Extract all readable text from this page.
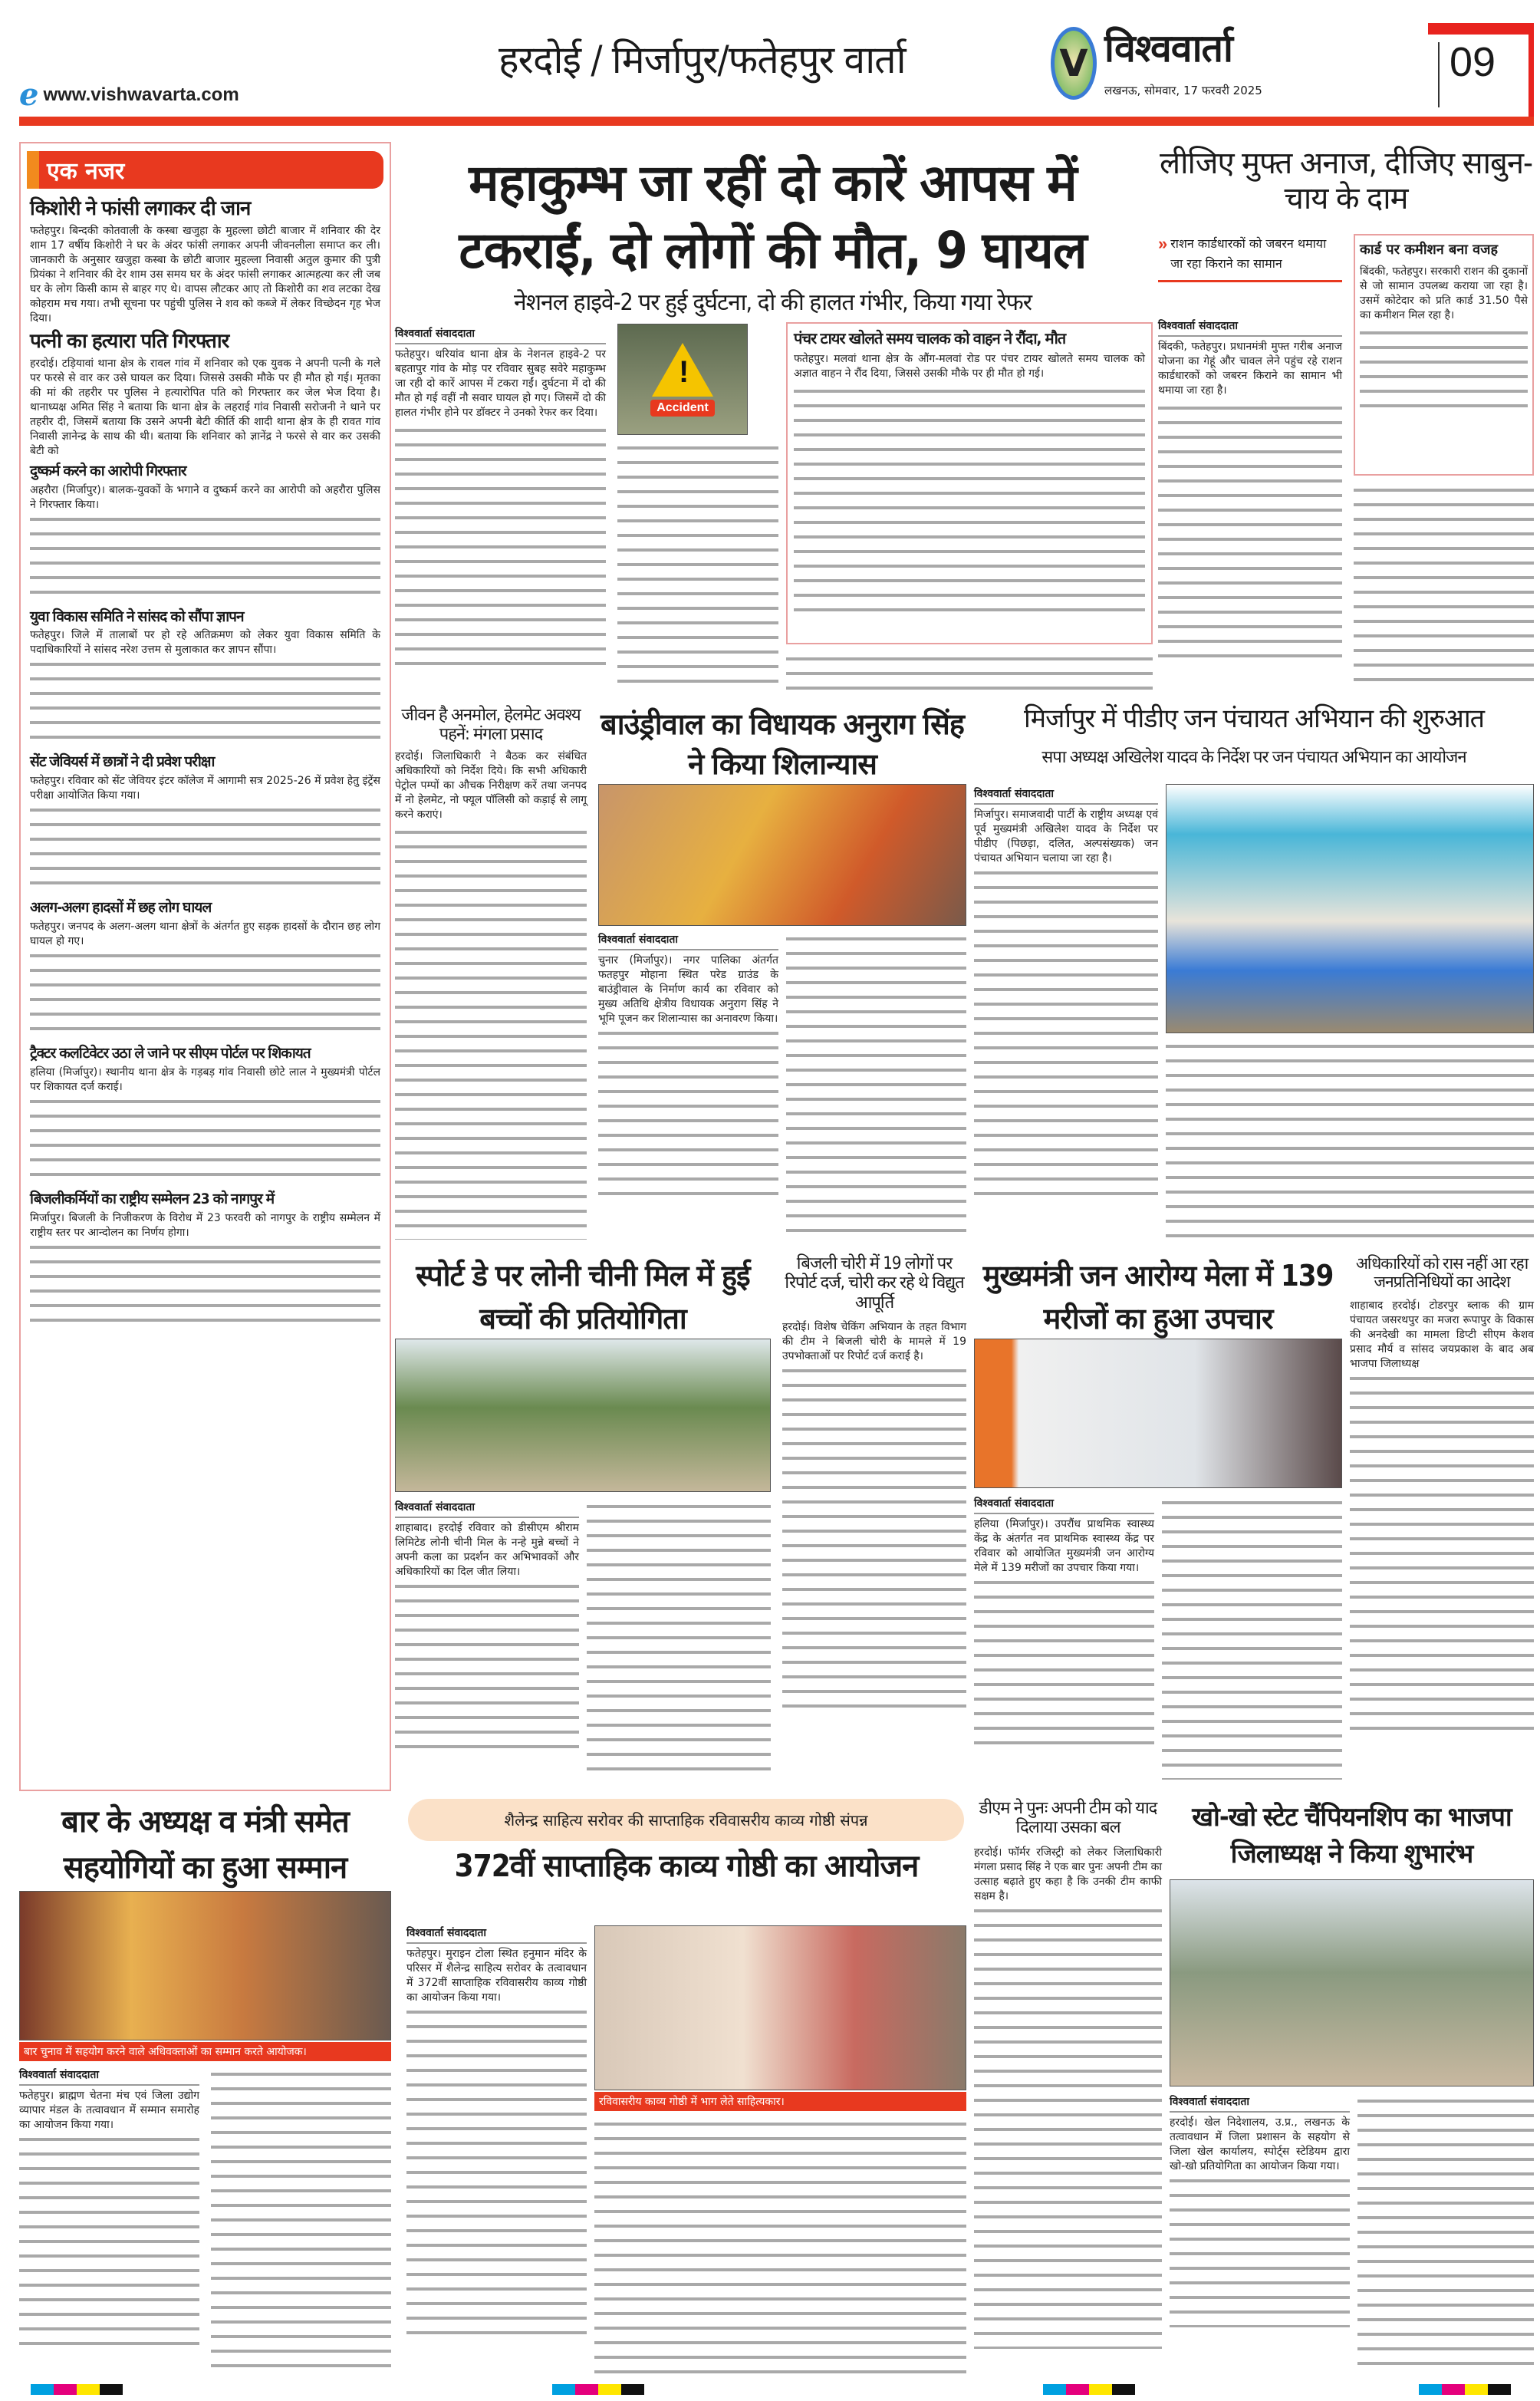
e www.vishwavarta.com
हरदोई / मिर्जापुर/फतेहपुर वार्ता	V विश्ववार्ता
लखनऊ, सोमवार, 17 फरवरी 2025
09
एक नजर
किशोरी ने फांसी लगाकर दी जान
फतेहपुर। बिन्दकी कोतवाली के कस्बा खजुहा के मुहल्ला छोटी बाजार में शनिवार की देर शाम 17 वर्षीय किशोरी ने घर के अंदर फांसी लगाकर अपनी जीवनलीला समाप्त कर ली। जानकारी के अनुसार खजुहा कस्बा के छोटी बाजार मुहल्ला निवासी अतुल कुमार की पुत्री प्रियंका ने शनिवार की देर शाम उस समय घर के अंदर फांसी लगाकर आत्महत्या कर ली जब घर के लोग किसी काम से बाहर गए थे। वापस लौटकर आए तो किशोरी का शव लटका देख कोहराम मच गया। तभी सूचना पर पहुंची पुलिस ने शव को कब्जे में लेकर विच्छेदन गृह भेज दिया।
पत्नी का हत्यारा पति गिरफ्तार
हरदोई। टड़ियावां थाना क्षेत्र के रावल गांव में शनिवार को एक युवक ने अपनी पत्नी के गले पर फरसे से वार कर उसे घायल कर दिया। जिससे उसकी मौके पर ही मौत हो गई। मृतका की मां की तहरीर पर पुलिस ने हत्यारोपित पति को गिरफ्तार कर जेल भेज दिया है। थानाध्यक्ष अमित सिंह ने बताया कि थाना क्षेत्र के लहराई गांव निवासी सरोजनी ने थाने पर तहरीर दी, जिसमें बताया कि उसने अपनी बेटी कीर्ति की शादी थाना क्षेत्र के ही रावत गांव निवासी ज्ञानेन्द्र के साथ की थी। बताया कि शनिवार को ज्ञानेंद्र ने फरसे से वार कर उसकी बेटी को
दुष्कर्म करने का आरोपी गिरफ्तार
अहरौरा (मिर्जापुर)। बालक-युवकों के भगाने व दुष्कर्म करने का आरोपी को अहरौरा पुलिस ने गिरफ्तार किया।
युवा विकास समिति ने सांसद को सौंपा ज्ञापन
फतेहपुर। जिले में तालाबों पर हो रहे अतिक्रमण को लेकर युवा विकास समिति के पदाधिकारियों ने सांसद नरेश उत्तम से मुलाकात कर ज्ञापन सौंपा।
सेंट जेवियर्स में छात्रों ने दी प्रवेश परीक्षा
फतेहपुर। रविवार को सेंट जेवियर इंटर कॉलेज में आगामी सत्र 2025-26 में प्रवेश हेतु इंट्रेंस परीक्षा आयोजित किया गया।
अलग-अलग हादसों में छह लोग घायल
फतेहपुर। जनपद के अलग-अलग थाना क्षेत्रों के अंतर्गत हुए सड़क हादसों के दौरान छह लोग घायल हो गए।
ट्रैक्टर कलटिवेटर उठा ले जाने पर सीएम पोर्टल पर शिकायत
हलिया (मिर्जापुर)। स्थानीय थाना क्षेत्र के गड़बड़ गांव निवासी छोटे लाल ने मुख्यमंत्री पोर्टल पर शिकायत दर्ज कराई।
बिजलीकर्मियों का राष्ट्रीय सम्मेलन 23 को नागपुर में
मिर्जापुर। बिजली के निजीकरण के विरोध में 23 फरवरी को नागपुर के राष्ट्रीय सम्मेलन में राष्ट्रीय स्तर पर आन्दोलन का निर्णय होगा।
महाकुम्भ जा रहीं दो कारें आपस में टकराईं, दो लोगों की मौत, 9 घायल
नेशनल हाइवे-2 पर हुई दुर्घटना, दो की हालत गंभीर, किया गया रेफर
विश्ववार्ता संवाददाता
फतेहपुर। थरियांव थाना क्षेत्र के नेशनल हाइवे-2 पर बहतापुर गांव के मोड़ पर रविवार सुबह सवेरे महाकुम्भ जा रही दो कारें आपस में टकरा गईं। दुर्घटना में दो की मौत हो गई वहीं नौ सवार घायल हो गए। जिसमें दो की हालत गंभीर होने पर डॉक्टर ने उनको रेफर कर दिया।
!
Accident
पंचर टायर खोलते समय चालक को वाहन ने रौंदा, मौत
फतेहपुर। मलवां थाना क्षेत्र के औंग-मलवां रोड पर पंचर टायर खोलते समय चालक को अज्ञात वाहन ने रौंद दिया, जिससे उसकी मौके पर ही मौत हो गई।
लीजिए मुफ्त अनाज, दीजिए साबुन-चाय के दाम
» राशन कार्डधारकों को जबरन थमाया जा रहा किराने का सामान
विश्ववार्ता संवाददाता
बिंदकी, फतेहपुर। प्रधानमंत्री मुफ्त गरीब अनाज योजना का गेहूं और चावल लेने पहुंच रहे राशन कार्डधारकों को जबरन किराने का सामान भी थमाया जा रहा है।
कार्ड पर कमीशन बना वजह
बिंदकी, फतेहपुर। सरकारी राशन की दुकानों से जो सामान उपलब्ध कराया जा रहा है। उसमें कोटेदार को प्रति कार्ड 31.50 पैसे का कमीशन मिल रहा है।
जीवन है अनमोल, हेलमेट अवश्य पहनें: मंगला प्रसाद
हरदोई। जिलाधिकारी ने बैठक कर संबंधित अधिकारियों को निर्देश दिये। कि सभी अधिकारी पेट्रोल पम्पों का औचक निरीक्षण करें तथा जनपद में नो हेलमेट, नो फ्यूल पॉलिसी को कड़ाई से लागू करने कराएं।
बाउंड्रीवाल का विधायक अनुराग सिंह ने किया शिलान्यास
विश्ववार्ता संवाददाता
चुनार (मिर्जापुर)। नगर पालिका अंतर्गत फतहपुर मोहाना स्थित परेड ग्राउंड के बाउंड्रीवाल के निर्माण कार्य का रविवार को मुख्य अतिथि क्षेत्रीय विधायक अनुराग सिंह ने भूमि पूजन कर शिलान्यास का अनावरण किया।
मिर्जापुर में पीडीए जन पंचायत अभियान की शुरुआत
सपा अध्यक्ष अखिलेश यादव के निर्देश पर जन पंचायत अभियान का आयोजन
विश्ववार्ता संवाददाता
मिर्जापुर। समाजवादी पार्टी के राष्ट्रीय अध्यक्ष एवं पूर्व मुख्यमंत्री अखिलेश यादव के निर्देश पर पीडीए (पिछड़ा, दलित, अल्पसंख्यक) जन पंचायत अभियान चलाया जा रहा है।
स्पोर्ट डे पर लोनी चीनी मिल में हुई बच्चों की प्रतियोगिता
विश्ववार्ता संवाददाता
शाहाबाद। हरदोई रविवार को डीसीएम श्रीराम लिमिटेड लोनी चीनी मिल के नन्हे मुन्ने बच्चों ने अपनी कला का प्रदर्शन कर अभिभावकों और अधिकारियों का दिल जीत लिया।
बिजली चोरी में 19 लोगों पर रिपोर्ट दर्ज, चोरी कर रहे थे विद्युत आपूर्ति
हरदोई। विशेष चेकिंग अभियान के तहत विभाग की टीम ने बिजली चोरी के मामले में 19 उपभोक्ताओं पर रिपोर्ट दर्ज कराई है।
मुख्यमंत्री जन आरोग्य मेला में 139 मरीजों का हुआ उपचार
विश्ववार्ता संवाददाता
हलिया (मिर्जापुर)। उपरौंध प्राथमिक स्वास्थ्य केंद्र के अंतर्गत नव प्राथमिक स्वास्थ्य केंद्र पर रविवार को आयोजित मुख्यमंत्री जन आरोग्य मेले में 139 मरीजों का उपचार किया गया।
अधिकारियों को रास नहीं आ रहा जनप्रतिनिधियों का आदेश
शाहाबाद हरदोई। टोडरपुर ब्लाक की ग्राम पंचायत जसरथपुर का मजरा रूपापुर के विकास की अनदेखी का मामला डिप्टी सीएम केशव प्रसाद मौर्य व सांसद जयप्रकाश के बाद अब भाजपा जिलाध्यक्ष
बार के अध्यक्ष व मंत्री समेत सहयोगियों का हुआ सम्मान
बार चुनाव में सहयोग करने वाले अधिवक्ताओं का सम्मान करते आयोजक।
विश्ववार्ता संवाददाता
फतेहपुर। ब्राह्मण चेतना मंच एवं जिला उद्योग व्यापार मंडल के तत्वावधान में सम्मान समारोह का आयोजन किया गया।
शैलेन्द्र साहित्य सरोवर की साप्ताहिक रविवासरीय काव्य गोष्ठी संपन्न
372वीं साप्ताहिक काव्य गोष्ठी का आयोजन
विश्ववार्ता संवाददाता
फतेहपुर। मुराइन टोला स्थित हनुमान मंदिर के परिसर में शैलेन्द्र साहित्य सरोवर के तत्वावधान में 372वीं साप्ताहिक रविवासरीय काव्य गोष्ठी का आयोजन किया गया।
रविवासरीय काव्य गोष्ठी में भाग लेते साहित्यकार।
डीएम ने पुनः अपनी टीम को याद दिलाया उसका बल
हरदोई। फॉर्मर रजिस्ट्री को लेकर जिलाधिकारी मंगला प्रसाद सिंह ने एक बार पुनः अपनी टीम का उत्साह बढ़ाते हुए कहा है कि उनकी टीम काफी सक्षम है।
खो-खो स्टेट चैंपियनशिप का भाजपा जिलाध्यक्ष ने किया शुभारंभ
विश्ववार्ता संवाददाता
हरदोई। खेल निदेशालय, उ.प्र., लखनऊ के तत्वावधान में जिला प्रशासन के सहयोग से जिला खेल कार्यालय, स्पोर्ट्स स्टेडियम द्वारा खो-खो प्रतियोगिता का आयोजन किया गया।
